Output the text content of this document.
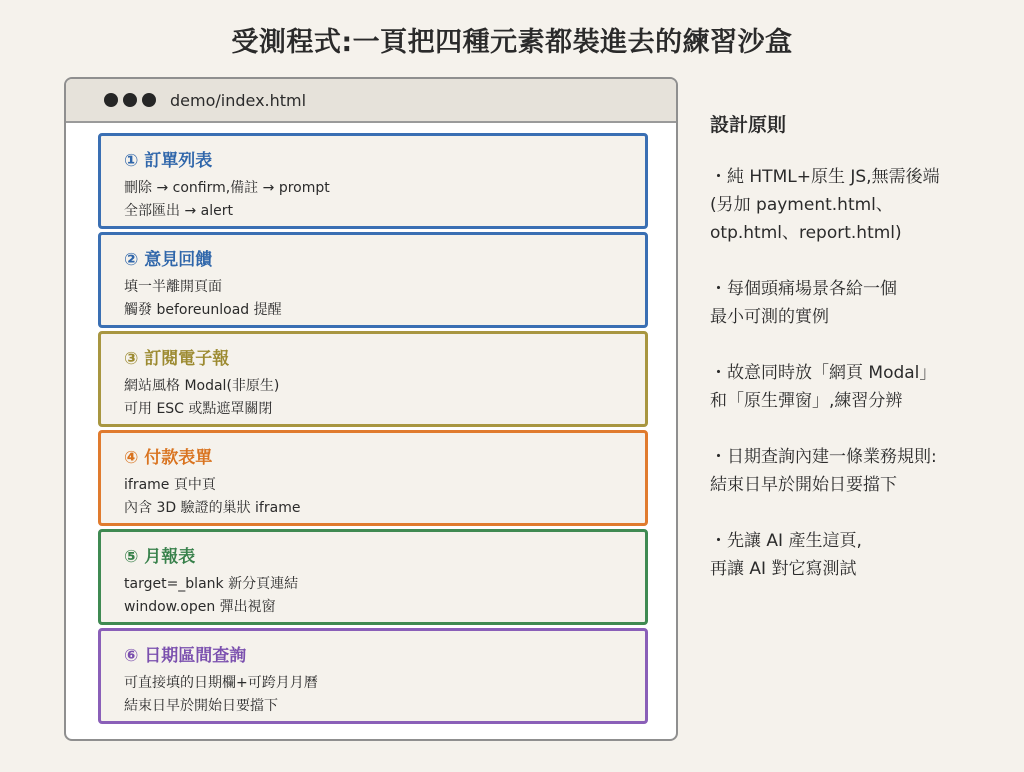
受測程式:一頁把四種元素都裝進去的練習沙盒
demo/index.html
① 訂單列表
刪除 → confirm,備註 → prompt
全部匯出 → alert
② 意見回饋
填一半離開頁面
觸發 beforeunload 提醒
③ 訂閱電子報
網站風格 Modal(非原生)
可用 ESC 或點遮罩關閉
④ 付款表單
iframe 頁中頁
內含 3D 驗證的巢狀 iframe
⑤ 月報表
target=_blank 新分頁連結
window.open 彈出視窗
⑥ 日期區間查詢
可直接填的日期欄+可跨月月曆
結束日早於開始日要擋下
設計原則
・純 HTML+原生 JS,無需後端
(另加 payment.html、
otp.html、report.html)
・每個頭痛場景各給一個
最小可測的實例
・故意同時放「網頁 Modal」
和「原生彈窗」,練習分辨
・日期查詢內建一條業務規則:
結束日早於開始日要擋下
・先讓 AI 產生這頁,
再讓 AI 對它寫測試
